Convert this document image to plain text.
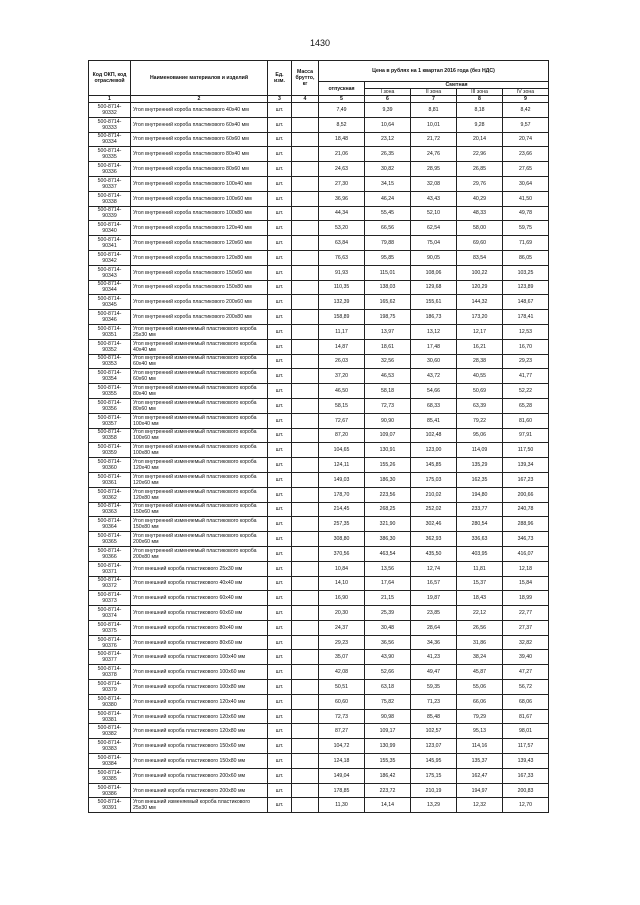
1430
Код ОКП, код отраслевой	Наименование материалов и изделий	Ед. изм.	Масса брутто, кг	Цена в рублях на 1 квартал 2016 года (без НДС)				
				отпускная	Сметная			
					I зона	II зона	III зона	IV зона
1	2	3	4	5	6	7	8	9
500-8714-90332	Угол внутренний короба пластикового 40х40 мм	шт.		7,49	9,39	8,81	8,18	8,42
500-8714-90333	Угол внутренний короба пластикового 60х40 мм	шт.		8,52	10,64	10,01	9,28	9,57
500-8714-90334	Угол внутренний короба пластикового 60х60 мм	шт.		18,48	23,12	21,72	20,14	20,74
500-8714-90335	Угол внутренний короба пластикового 80х40 мм	шт.		21,06	26,35	24,76	22,96	23,66
500-8714-90336	Угол внутренний короба пластикового 80х60 мм	шт.		24,63	30,82	28,95	26,85	27,65
500-8714-90337	Угол внутренний короба пластикового 100х40 мм	шт.		27,30	34,15	32,08	29,76	30,64
500-8714-90338	Угол внутренний короба пластикового 100х60 мм	шт.		36,96	46,24	43,43	40,29	41,50
500-8714-90339	Угол внутренний короба пластикового 100х80 мм	шт.		44,34	55,45	52,10	48,33	49,78
500-8714-90340	Угол внутренний короба пластикового 120х40 мм	шт.		53,20	66,56	62,54	58,00	59,75
500-8714-90341	Угол внутренний короба пластикового 120х60 мм	шт.		63,84	79,88	75,04	69,60	71,69
500-8714-90342	Угол внутренний короба пластикового 120х80 мм	шт.		76,63	95,85	90,05	83,54	86,05
500-8714-90343	Угол внутренний короба пластикового 150х60 мм	шт.		91,93	115,01	108,06	100,22	103,25
500-8714-90344	Угол внутренний короба пластикового 150х80 мм	шт.		110,35	138,03	129,68	120,29	123,89
500-8714-90345	Угол внутренний короба пластикового 200х60 мм	шт.		132,39	165,62	155,61	144,32	148,67
500-8714-90346	Угол внутренний короба пластикового 200х80 мм	шт.		158,89	198,75	186,73	173,20	178,41
500-8714-90351	Угол внутренний изменяемый пластикового короба 25х30 мм	шт.		11,17	13,97	13,12	12,17	12,53
500-8714-90352	Угол внутренний изменяемый пластикового короба 40х40 мм	шт.		14,87	18,61	17,48	16,21	16,70
500-8714-90353	Угол внутренний изменяемый пластикового короба 60х40 мм	шт.		26,03	32,56	30,60	28,38	29,23
500-8714-90354	Угол внутренний изменяемый пластикового короба 60х60 мм	шт.		37,20	46,53	43,72	40,55	41,77
500-8714-90355	Угол внутренний изменяемый пластикового короба 80х40 мм	шт.		46,50	58,18	54,66	50,69	52,22
500-8714-90356	Угол внутренний изменяемый пластикового короба 80х60 мм	шт.		58,15	72,73	68,33	63,39	65,28
500-8714-90357	Угол внутренний изменяемый пластикового короба 100х40 мм	шт.		72,67	90,90	85,41	79,22	81,60
500-8714-90358	Угол внутренний изменяемый пластикового короба 100х60 мм	шт.		87,20	109,07	102,48	95,06	97,91
500-8714-90359	Угол внутренний изменяемый пластикового короба 100х80 мм	шт.		104,65	130,91	123,00	114,09	117,50
500-8714-90360	Угол внутренний изменяемый пластикового короба 120х40 мм	шт.		124,11	155,26	145,85	135,29	139,34
500-8714-90361	Угол внутренний изменяемый пластикового короба 120х60 мм	шт.		149,03	186,30	175,03	162,35	167,23
500-8714-90362	Угол внутренний изменяемый пластикового короба 120х80 мм	шт.		178,70	223,56	210,02	194,80	200,66
500-8714-90363	Угол внутренний изменяемый пластикового короба 150х60 мм	шт.		214,45	268,25	252,02	233,77	240,78
500-8714-90364	Угол внутренний изменяемый пластикового короба 150х80 мм	шт.		257,35	321,90	302,46	280,54	288,96
500-8714-90365	Угол внутренний изменяемый пластикового короба 200х60 мм	шт.		308,80	386,30	362,93	336,63	346,73
500-8714-90366	Угол внутренний изменяемый пластикового короба 200х80 мм	шт.		370,56	463,54	435,50	403,95	416,07
500-8714-90371	Угол внешний короба пластикового 25х30 мм	шт.		10,84	13,56	12,74	11,81	12,18
500-8714-90372	Угол внешний короба пластикового 40х40 мм	шт.		14,10	17,64	16,57	15,37	15,84
500-8714-90373	Угол внешний короба пластикового 60х40 мм	шт.		16,90	21,15	19,87	18,43	18,99
500-8714-90374	Угол внешний короба пластикового 60х60 мм	шт.		20,30	25,39	23,85	22,12	22,77
500-8714-90375	Угол внешний короба пластикового 80х40 мм	шт.		24,37	30,48	28,64	26,56	27,37
500-8714-90376	Угол внешний короба пластикового 80х60 мм	шт.		29,23	36,56	34,36	31,86	32,82
500-8714-90377	Угол внешний короба пластикового 100х40 мм	шт.		35,07	43,90	41,23	38,24	39,40
500-8714-90378	Угол внешний короба пластикового 100х60 мм	шт.		42,08	52,66	49,47	45,87	47,27
500-8714-90379	Угол внешний короба пластикового 100х80 мм	шт.		50,51	63,18	59,35	55,06	56,72
500-8714-90380	Угол внешний короба пластикового 120х40 мм	шт.		60,60	75,82	71,23	66,06	68,06
500-8714-90381	Угол внешний короба пластикового 120х60 мм	шт.		72,73	90,98	85,48	79,29	81,67
500-8714-90382	Угол внешний короба пластикового 120х80 мм	шт.		87,27	109,17	102,57	95,13	98,01
500-8714-90383	Угол внешний короба пластикового 150х60 мм	шт.		104,72	130,99	123,07	114,16	117,57
500-8714-90384	Угол внешний короба пластикового 150х80 мм	шт.		124,18	155,35	145,95	135,37	139,43
500-8714-90385	Угол внешний короба пластикового 200х60 мм	шт.		149,04	186,42	175,15	162,47	167,33
500-8714-90386	Угол внешний короба пластикового 200х80 мм	шт.		178,85	223,72	210,19	194,97	200,83
500-8714-90391	Угол внешний изменяемый короба пластикового 25х30 мм	шт.		11,30	14,14	13,29	12,32	12,70
